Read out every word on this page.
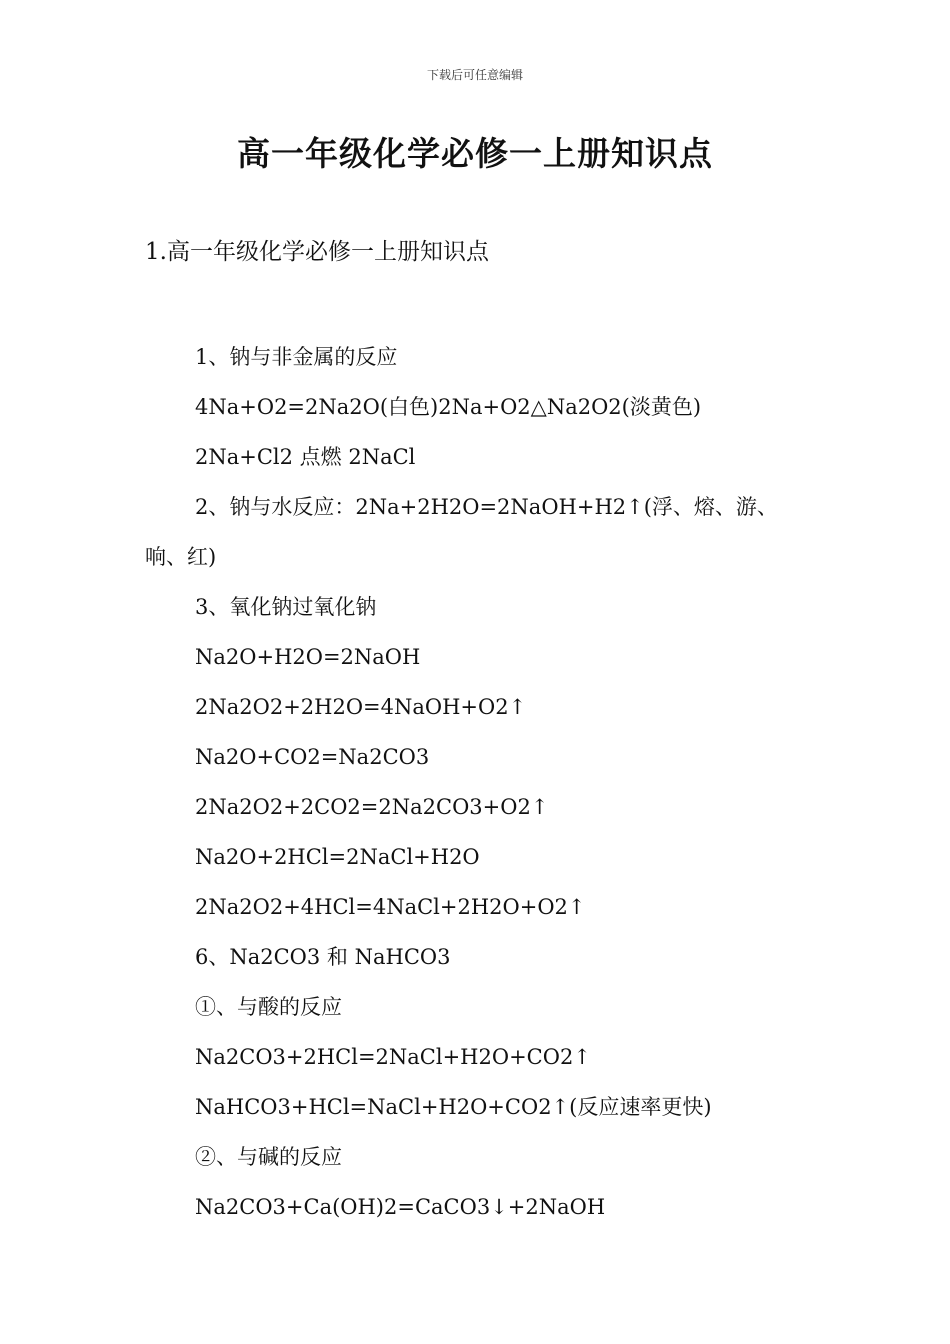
下载后可任意编辑
高一年级化学必修一上册知识点
1.高一年级化学必修一上册知识点
1、钠与非金属的反应
4Na+O2=2Na2O(白色)2Na+O2△Na2O2(淡黄色)
2Na+Cl2 点燃 2NaCl
2、钠与水反应：2Na+2H2O=2NaOH+H2↑(浮、熔、游、响、红)
3、氧化钠过氧化钠
Na2O+H2O=2NaOH
2Na2O2+2H2O=4NaOH+O2↑
Na2O+CO2=Na2CO3
2Na2O2+2CO2=2Na2CO3+O2↑
Na2O+2HCl=2NaCl+H2O
2Na2O2+4HCl=4NaCl+2H2O+O2↑
6、Na2CO3 和 NaHCO3
①、与酸的反应
Na2CO3+2HCl=2NaCl+H2O+CO2↑
NaHCO3+HCl=NaCl+H2O+CO2↑(反应速率更快)
②、与碱的反应
Na2CO3+Ca(OH)2=CaCO3↓+2NaOH
